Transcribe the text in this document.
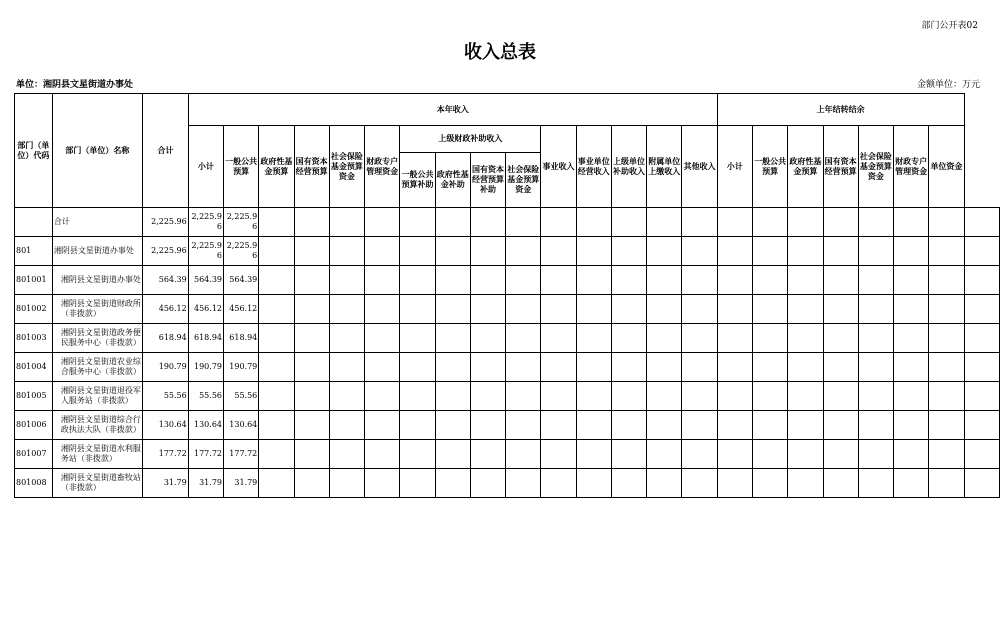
部门公开表02
收入总表
单位：湘阴县文星街道办事处	金额单位：万元
部门（单位）代码	部门（单位）名称	合计	本年收入															上年结转结余							
			小计	一般公共预算	政府性基金预算	国有资本经营预算	社会保险基金预算资金	财政专户管理资金	上级财政补助收入				事业收入	事业单位经营收入	上级单位补助收入	附属单位上缴收入	其他收入	小计	一般公共预算	政府性基金预算	国有资本经营预算	社会保险基金预算资金	财政专户管理资金	单位资金	
									一般公共预算补助	政府性基金补助	国有资本经营预算补助	社会保险基金预算资金													
	合计	2,225.96	2,225.96	2,225.96																					
801	湘阴县文星街道办事处	2,225.96	2,225.96	2,225.96																					
801001	湘阴县文星街道办事处	564.39	564.39	564.39																					
801002	湘阴县文星街道财政所（非拨款）	456.12	456.12	456.12																					
801003	湘阴县文星街道政务便民服务中心（非拨款）	618.94	618.94	618.94																					
801004	湘阴县文星街道农业综合服务中心（非拨款）	190.79	190.79	190.79																					
801005	湘阴县文星街道退役军人服务站（非拨款）	55.56	55.56	55.56																					
801006	湘阴县文星街道综合行政执法大队（非拨款）	130.64	130.64	130.64																					
801007	湘阴县文星街道水利服务站（非拨款）	177.72	177.72	177.72																					
801008	湘阴县文星街道畜牧站（非拨款）	31.79	31.79	31.79																					
